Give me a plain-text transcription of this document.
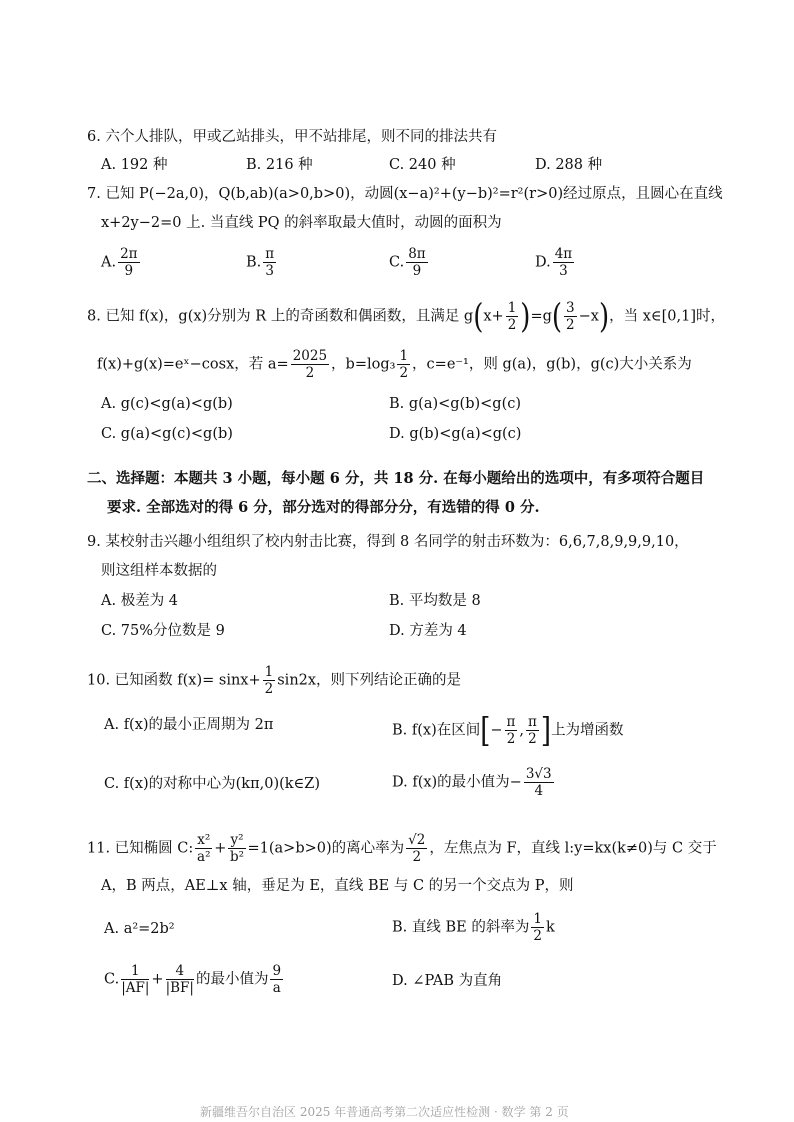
6. 六个人排队，甲或乙站排头，甲不站排尾，则不同的排法共有
A. 192 种	B. 216 种	C. 240 种	D. 288 种
7. 已知 P(−2a,0)，Q(b,ab)(a>0,b>0)，动圆(x−a)²+(y−b)²=r²(r>0)经过原点，且圆心在直线
x+2y−2=0 上. 当直线 PQ 的斜率取最大值时，动圆的面积为
A. $\frac{2\pi}{9}$	B. $\frac{\pi}{3}$	C. $\frac{8\pi}{9}$	D. $\frac{4\pi}{3}$
8. 已知 f(x)，g(x)分别为 R 上的奇函数和偶函数，且满足 $g(x+ \frac{1}{2} )=g( \frac{3}{2} -x)$，当 x∈[0,1]时，
f(x)+g(x)=eˣ−cosx，若 $a= \frac{2025}{2}$ ，$b=\log_3 \frac{1}{2}$ ，c=e⁻¹，则 g(a)，g(b)，g(c)大小关系为
A. g(c)<g(a)<g(b)	B. g(a)<g(b)<g(c)
C. g(a)<g(c)<g(b)	D. g(b)<g(a)<g(c)
二、选择题：本题共 3 小题，每小题 6 分，共 18 分. 在每小题给出的选项中，有多项符合题目
要求. 全部选对的得 6 分，部分选对的得部分分，有选错的得 0 分.
9. 某校射击兴趣小组组织了校内射击比赛，得到 8 名同学的射击环数为：6,6,7,8,9,9,9,10，
则这组样本数据的
A. 极差为 4	B. 平均数是 8
C. 75%分位数是 9	D. 方差为 4
10. 已知函数 $f(x)= \sin x+ \frac{1}{2} \sin 2x$，则下列结论正确的是
A. f(x)的最小正周期为 2π	B. f(x)在区间[− $\frac{\pi}{2}$ , $\frac{\pi}{2}$ ]上为增函数
C. f(x)的对称中心为(kπ,0)(k∈Z)	D. f(x)的最小值为− $\frac{3√3}{4}$
11. 已知椭圆 C: $\frac{\text{x²}}{\text{a²}} + \frac{\text{y²}}{\text{b²}} =1(a>b>0)$的离心率为 $\frac{√2}{2}$ ，左焦点为 F，直线 l:y=kx(k≠0)与 C 交于
A，B 两点，AE⊥x 轴，垂足为 E，直线 BE 与 C 的另一个交点为 P，则
A. a²=2b²	B. 直线 BE 的斜率为 $\frac{1}{2}$ k
C. $\frac{1}{|AF|} + \frac{4}{|BF|}$ 的最小值为 $\frac{9}{a}$	D. ∠PAB 为直角
新疆维吾尔自治区 2025 年普通高考第二次适应性检测 · 数学 第 2 页
